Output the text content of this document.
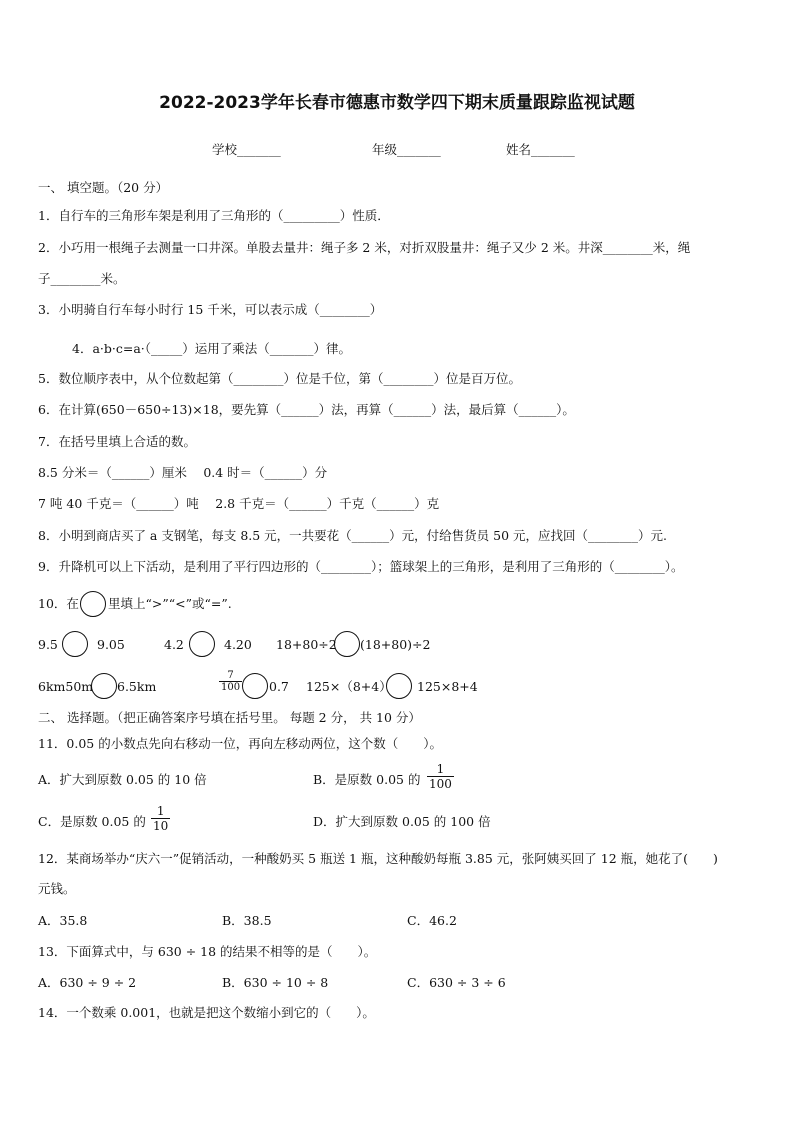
2022-2023学年长春市德惠市数学四下期末质量跟踪监视试题
学校_______	年级_______	姓名_______
一、 填空题。（20 分）
1．自行车的三角形车架是利用了三角形的（_________）性质．
2．小巧用一根绳子去测量一口井深。单股去量井：绳子多 2 米，对折双股量井：绳子又少 2 米。井深________米，绳
子________米。
3．小明骑自行车每小时行 15 千米，可以表示成（________）
4．a·b·c=a·（_____）运用了乘法（_______）律。
5．数位顺序表中，从个位数起第（________）位是千位，第（________）位是百万位。
6．在计算(650－650÷13)×18，要先算（______）法，再算（______）法，最后算（______）。
7．在括号里填上合适的数。
8.5 分米＝（______）厘米　 0.4 时＝（______）分
7 吨 40 千克＝（______）吨　 2.8 千克＝（______）千克（______）克
8．小明到商店买了 a 支钢笔，每支 8.5 元，一共要花（______）元，付给售货员 50 元，应找回（________）元.
9．升降机可以上下活动，是利用了平行四边形的（________）；篮球架上的三角形，是利用了三角形的（________）。
10．在 里填上“>”“<”或“=”.
9.5	9.05	4.2	4.20 18+80÷2 (18+80)÷2
6km50m 6.5km
7
100 0.7 125×（8+4） 125×8+4
二、 选择题。（把正确答案序号填在括号里。 每题 2 分， 共 10 分）
11．0.05 的小数点先向右移动一位，再向左移动两位，这个数（　　）。
A．扩大到原数 0.05 的 10 倍	B．是原数 0.05 的
1
100
C．是原数 0.05 的
1
10	D．扩大到原数 0.05 的 100 倍
12．某商场举办“庆六一”促销活动，一种酸奶买 5 瓶送 1 瓶，这种酸奶每瓶 3.85 元，张阿姨买回了 12 瓶，她花了(　　)
元钱。
A．35.8	B．38.5	C．46.2
13．下面算式中，与 630 ÷ 18 的结果不相等的是（　　）。
A．630 ÷ 9 ÷ 2	B．630 ÷ 10 ÷ 8	C．630 ÷ 3 ÷ 6
14．一个数乘 0.001，也就是把这个数缩小到它的（　　）。
